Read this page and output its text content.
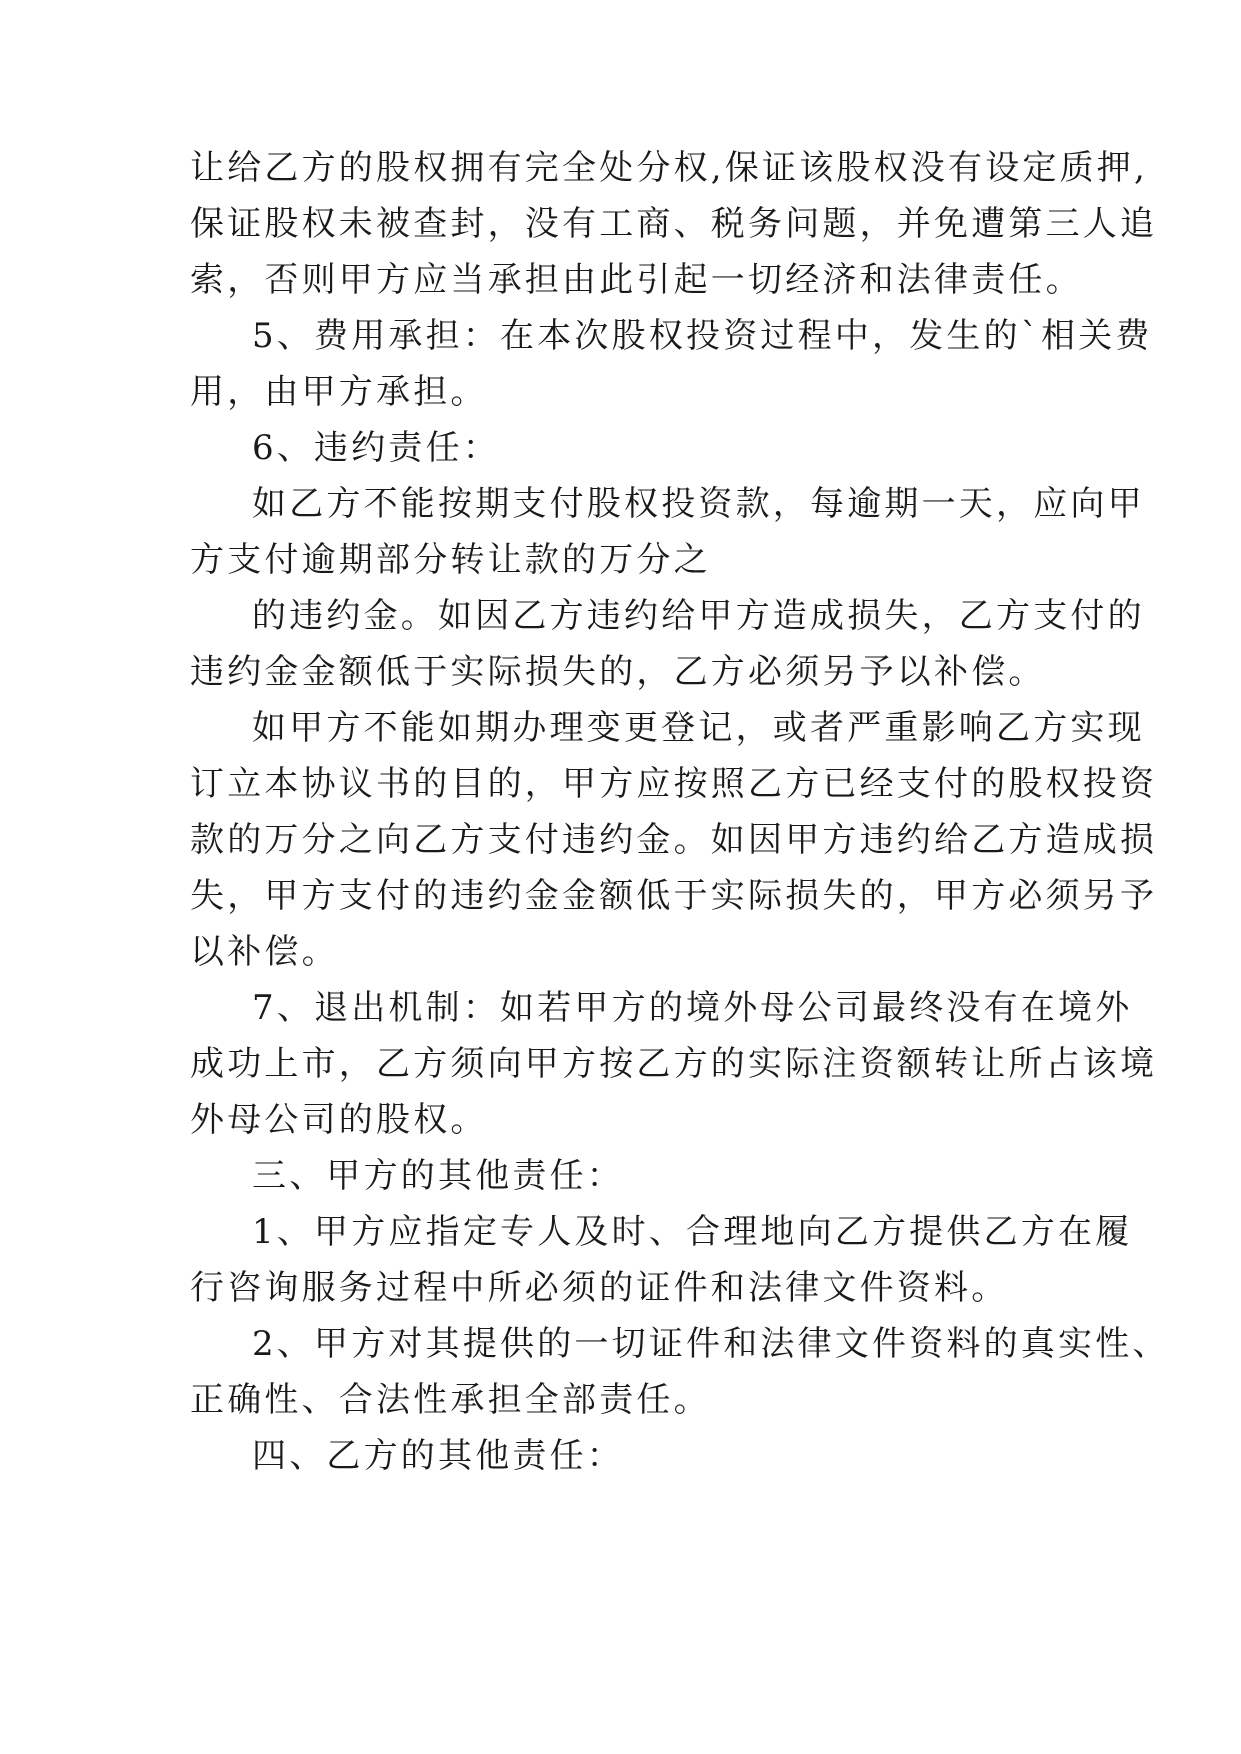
让给乙方的股权拥有完全处分权,保证该股权没有设定质押,
保证股权未被查封，没有工商、税务问题，并免遭第三人追
索，否则甲方应当承担由此引起一切经济和法律责任。
5、费用承担：在本次股权投资过程中，发生的`相关费
用，由甲方承担。
6、违约责任：
如乙方不能按期支付股权投资款，每逾期一天，应向甲
方支付逾期部分转让款的万分之
的违约金。如因乙方违约给甲方造成损失，乙方支付的
违约金金额低于实际损失的，乙方必须另予以补偿。
如甲方不能如期办理变更登记，或者严重影响乙方实现
订立本协议书的目的，甲方应按照乙方已经支付的股权投资
款的万分之向乙方支付违约金。如因甲方违约给乙方造成损
失，甲方支付的违约金金额低于实际损失的，甲方必须另予
以补偿。
7、退出机制：如若甲方的境外母公司最终没有在境外
成功上市，乙方须向甲方按乙方的实际注资额转让所占该境
外母公司的股权。
三、甲方的其他责任：
1、甲方应指定专人及时、合理地向乙方提供乙方在履
行咨询服务过程中所必须的证件和法律文件资料。
2、甲方对其提供的一切证件和法律文件资料的真实性、
正确性、合法性承担全部责任。
四、乙方的其他责任：
